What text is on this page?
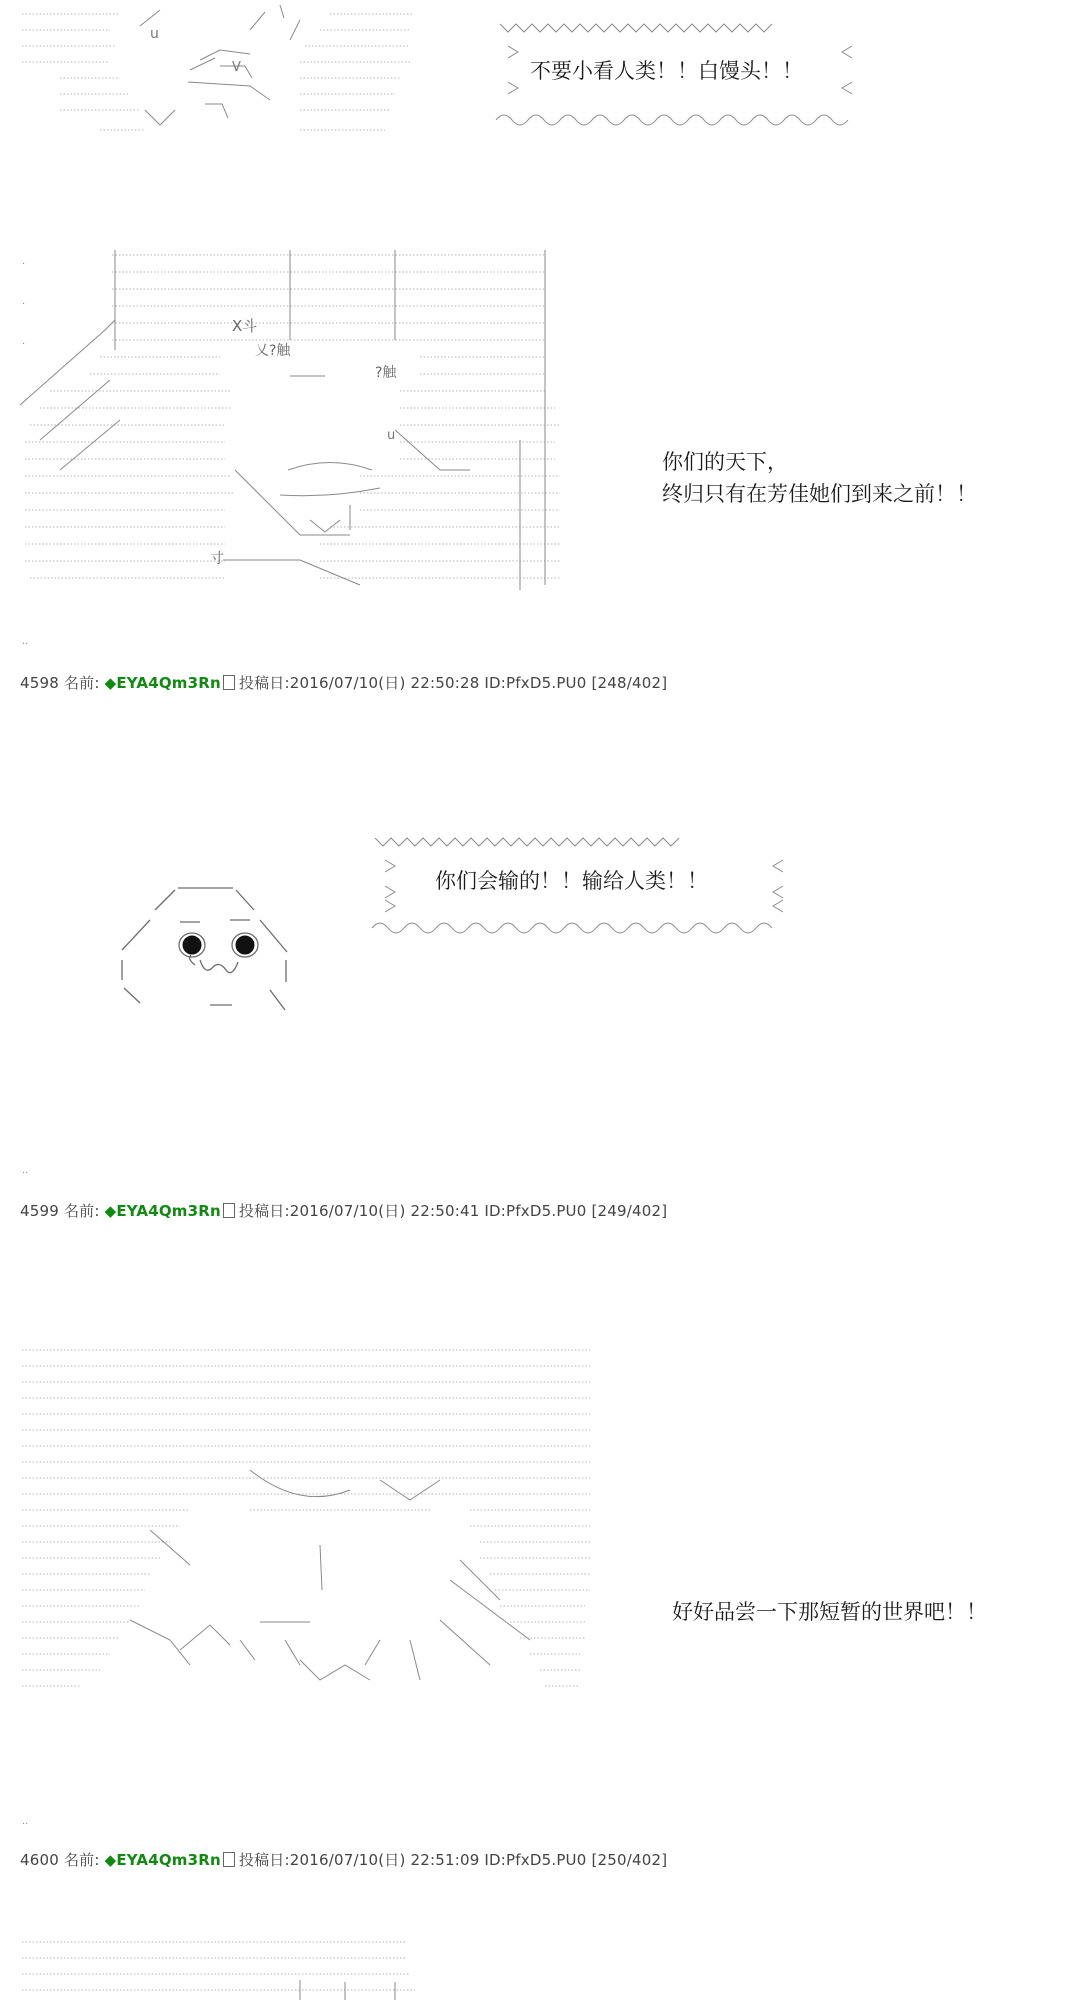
u
V
X斗
乂?触
?触
u
寸
..
..
..
.
.
.
不要小看人类！！白馒头！！
你们的天下，
终归只有在芳佳她们到来之前！！
你们会输的！！输给人类！！
好好品尝一下那短暂的世界吧！！
4598 名前: ◆EYA4Qm3Rn 投稿日:2016/07/10(日) 22:50:28 ID:PfxD5.PU0 [248/402]
4599 名前: ◆EYA4Qm3Rn 投稿日:2016/07/10(日) 22:50:41 ID:PfxD5.PU0 [249/402]
4600 名前: ◆EYA4Qm3Rn 投稿日:2016/07/10(日) 22:51:09 ID:PfxD5.PU0 [250/402]
